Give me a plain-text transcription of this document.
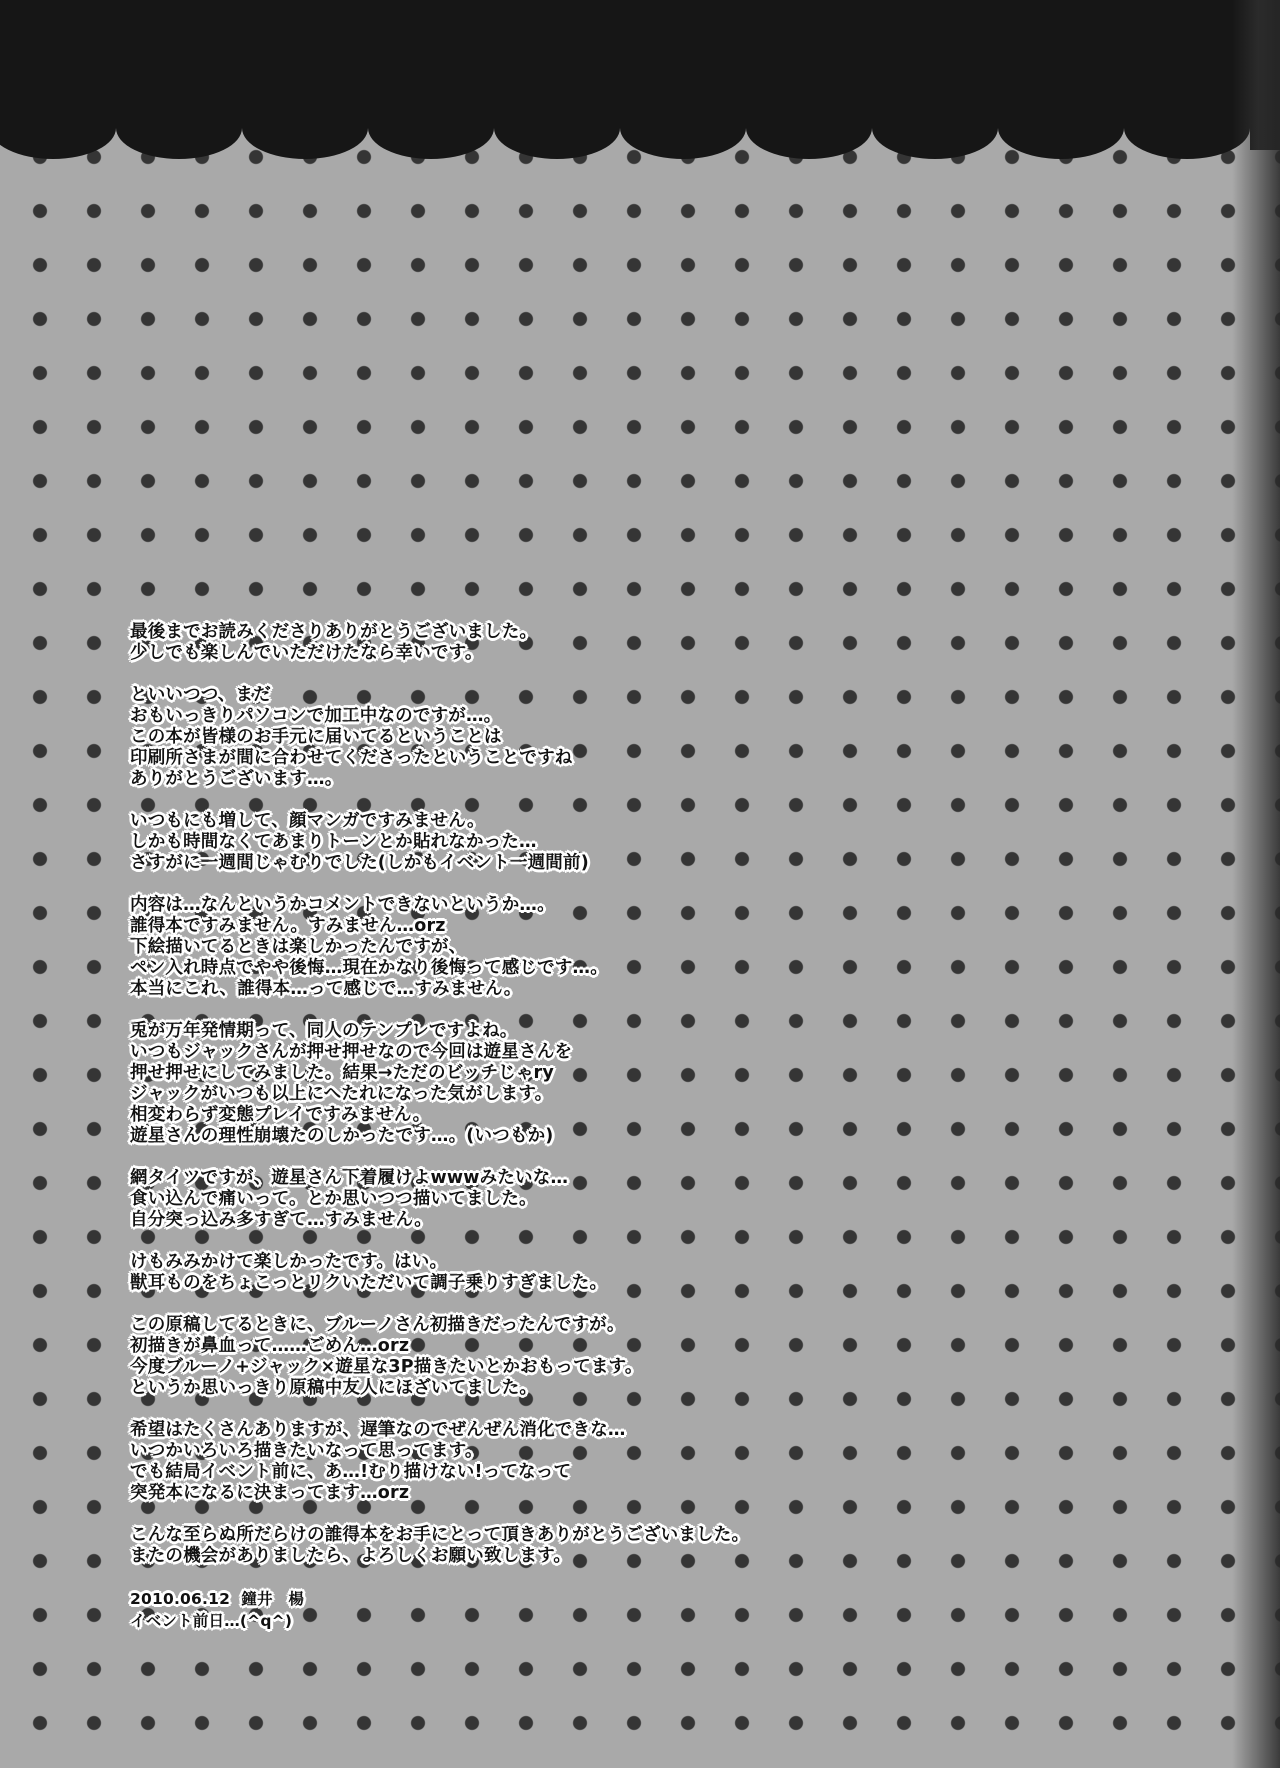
最後までお読みくださりありがとうございました。
少しでも楽しんでいただけたなら幸いです。
といいつつ、まだ
おもいっきりパソコンで加工中なのですが…。
この本が皆様のお手元に届いてるということは
印刷所さまが間に合わせてくださったということですね
ありがとうございます…。
いつもにも増して、顔マンガですみません。
しかも時間なくてあまりトーンとか貼れなかった…
さすがに一週間じゃむりでした(しかもイベント一週間前)
内容は…なんというかコメントできないというか…。
誰得本ですみません。すみません…orz
下絵描いてるときは楽しかったんですが、
ペン入れ時点でやや後悔…現在かなり後悔って感じです…。
本当にこれ、誰得本…って感じで…すみません。
兎が万年発情期って、同人のテンプレですよね。
いつもジャックさんが押せ押せなので今回は遊星さんを
押せ押せにしてみました。結果→ただのビッチじゃry
ジャックがいつも以上にへたれになった気がします。
相変わらず変態プレイですみません。
遊星さんの理性崩壊たのしかったです…。(いつもか)
網タイツですが、遊星さん下着履けよwwwみたいな…
食い込んで痛いって。とか思いつつ描いてました。
自分突っ込み多すぎて…すみません。
けもみみかけて楽しかったです。はい。
獣耳ものをちょこっとリクいただいて調子乗りすぎました。
この原稿してるときに、ブルーノさん初描きだったんですが。
初描きが鼻血って……ごめん…orz
今度ブルーノ+ジャック×遊星な3P描きたいとかおもってます。
というか思いっきり原稿中友人にほざいてました。
希望はたくさんありますが、遅筆なのでぜんぜん消化できな…
いつかいろいろ描きたいなって思ってます。
でも結局イベント前に、あ…!むり描けない!ってなって
突発本になるに決まってます…orz
こんな至らぬ所だらけの誰得本をお手にとって頂きありがとうございました。
またの機会がありましたら、よろしくお願い致します。
2010.06.12 鐘井　楊
イベント前日…(^q^)
